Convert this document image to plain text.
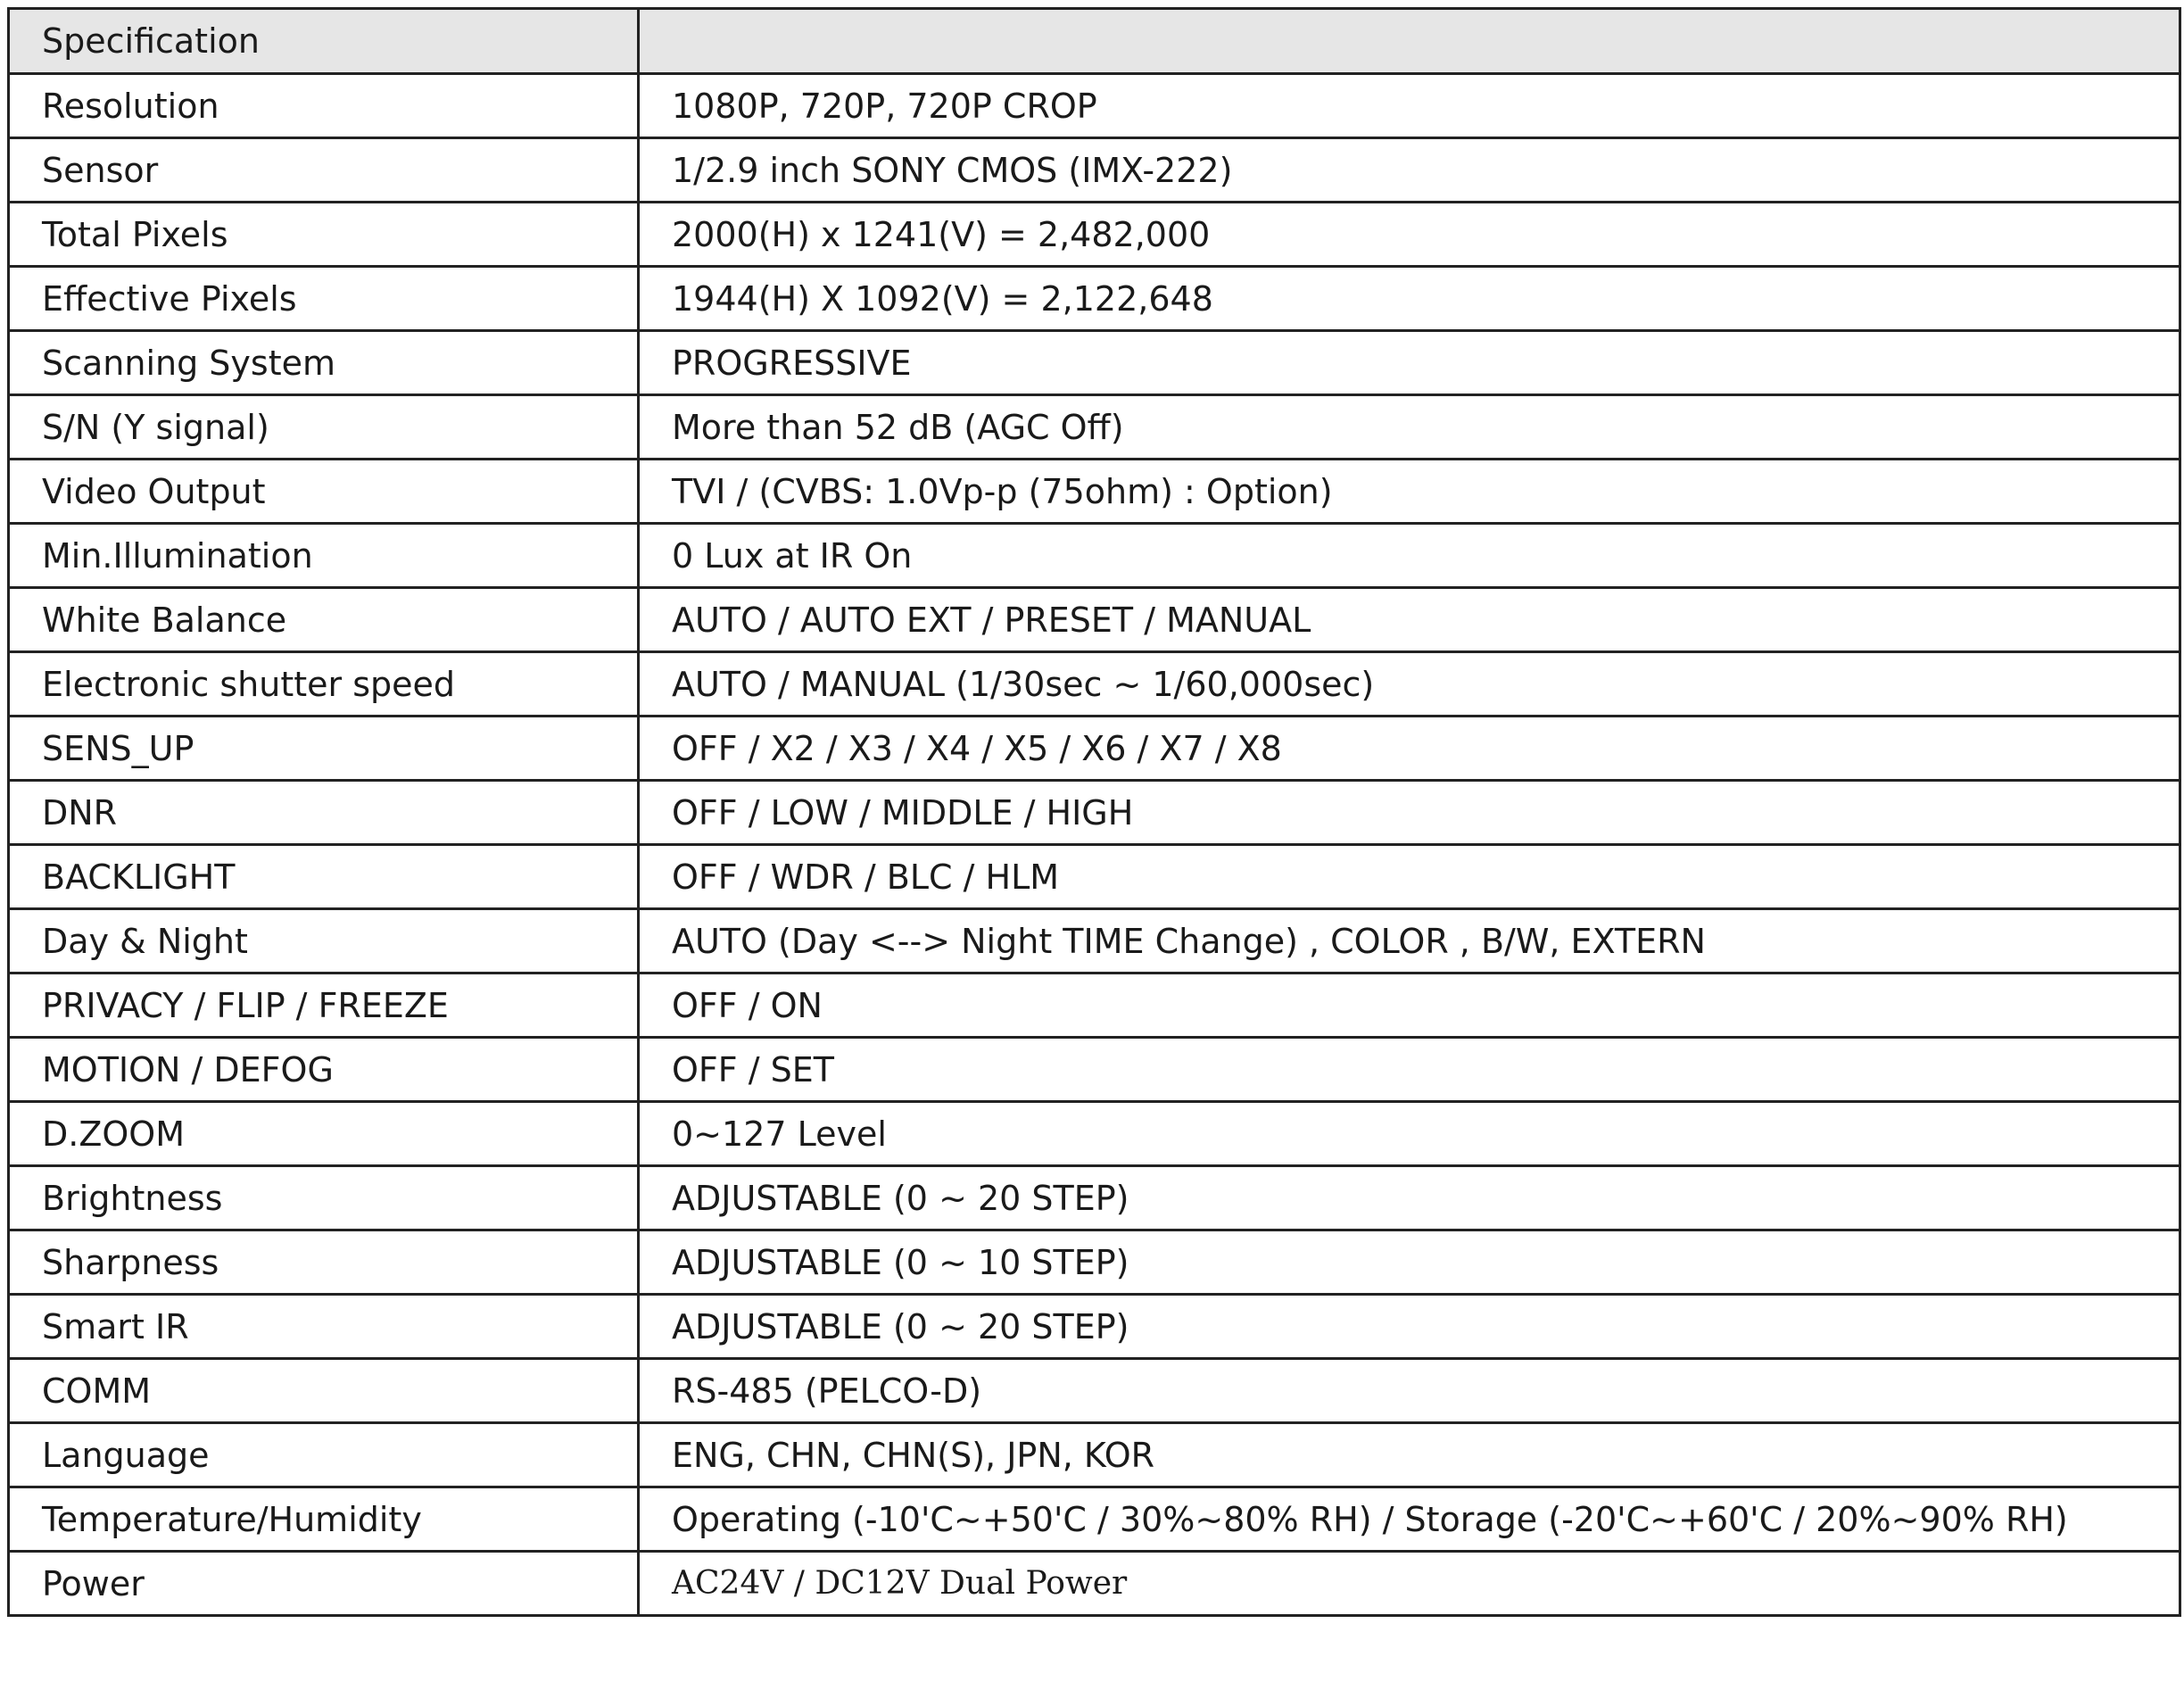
Specification	
Resolution	1080P, 720P, 720P CROP
Sensor	1/2.9 inch SONY CMOS (IMX-222)
Total Pixels	2000(H) x 1241(V) = 2,482,000
Effective Pixels	1944(H) X 1092(V) = 2,122,648
Scanning System	PROGRESSIVE
S/N (Y signal)	More than 52 dB (AGC Off)
Video Output	TVI / (CVBS: 1.0Vp-p (75ohm) : Option)
Min.Illumination	0 Lux at IR On
White Balance	AUTO / AUTO EXT / PRESET / MANUAL
Electronic shutter speed	AUTO / MANUAL (1/30sec ~ 1/60,000sec)
SENS_UP	OFF / X2 / X3 / X4 / X5 / X6 / X7 / X8
DNR	OFF / LOW / MIDDLE / HIGH
BACKLIGHT	OFF / WDR / BLC / HLM
Day & Night	AUTO (Day <--> Night TIME Change) , COLOR , B/W, EXTERN
PRIVACY / FLIP / FREEZE	OFF / ON
MOTION / DEFOG	OFF / SET
D.ZOOM	0~127 Level
Brightness	ADJUSTABLE (0 ~ 20 STEP)
Sharpness	ADJUSTABLE (0 ~ 10 STEP)
Smart IR	ADJUSTABLE (0 ~ 20 STEP)
COMM	RS-485 (PELCO-D)
Language	ENG, CHN, CHN(S), JPN, KOR
Temperature/Humidity	Operating (-10'C~+50'C / 30%~80% RH) / Storage (-20'C~+60'C / 20%~90% RH)
Power	AC24V / DC12V Dual Power
